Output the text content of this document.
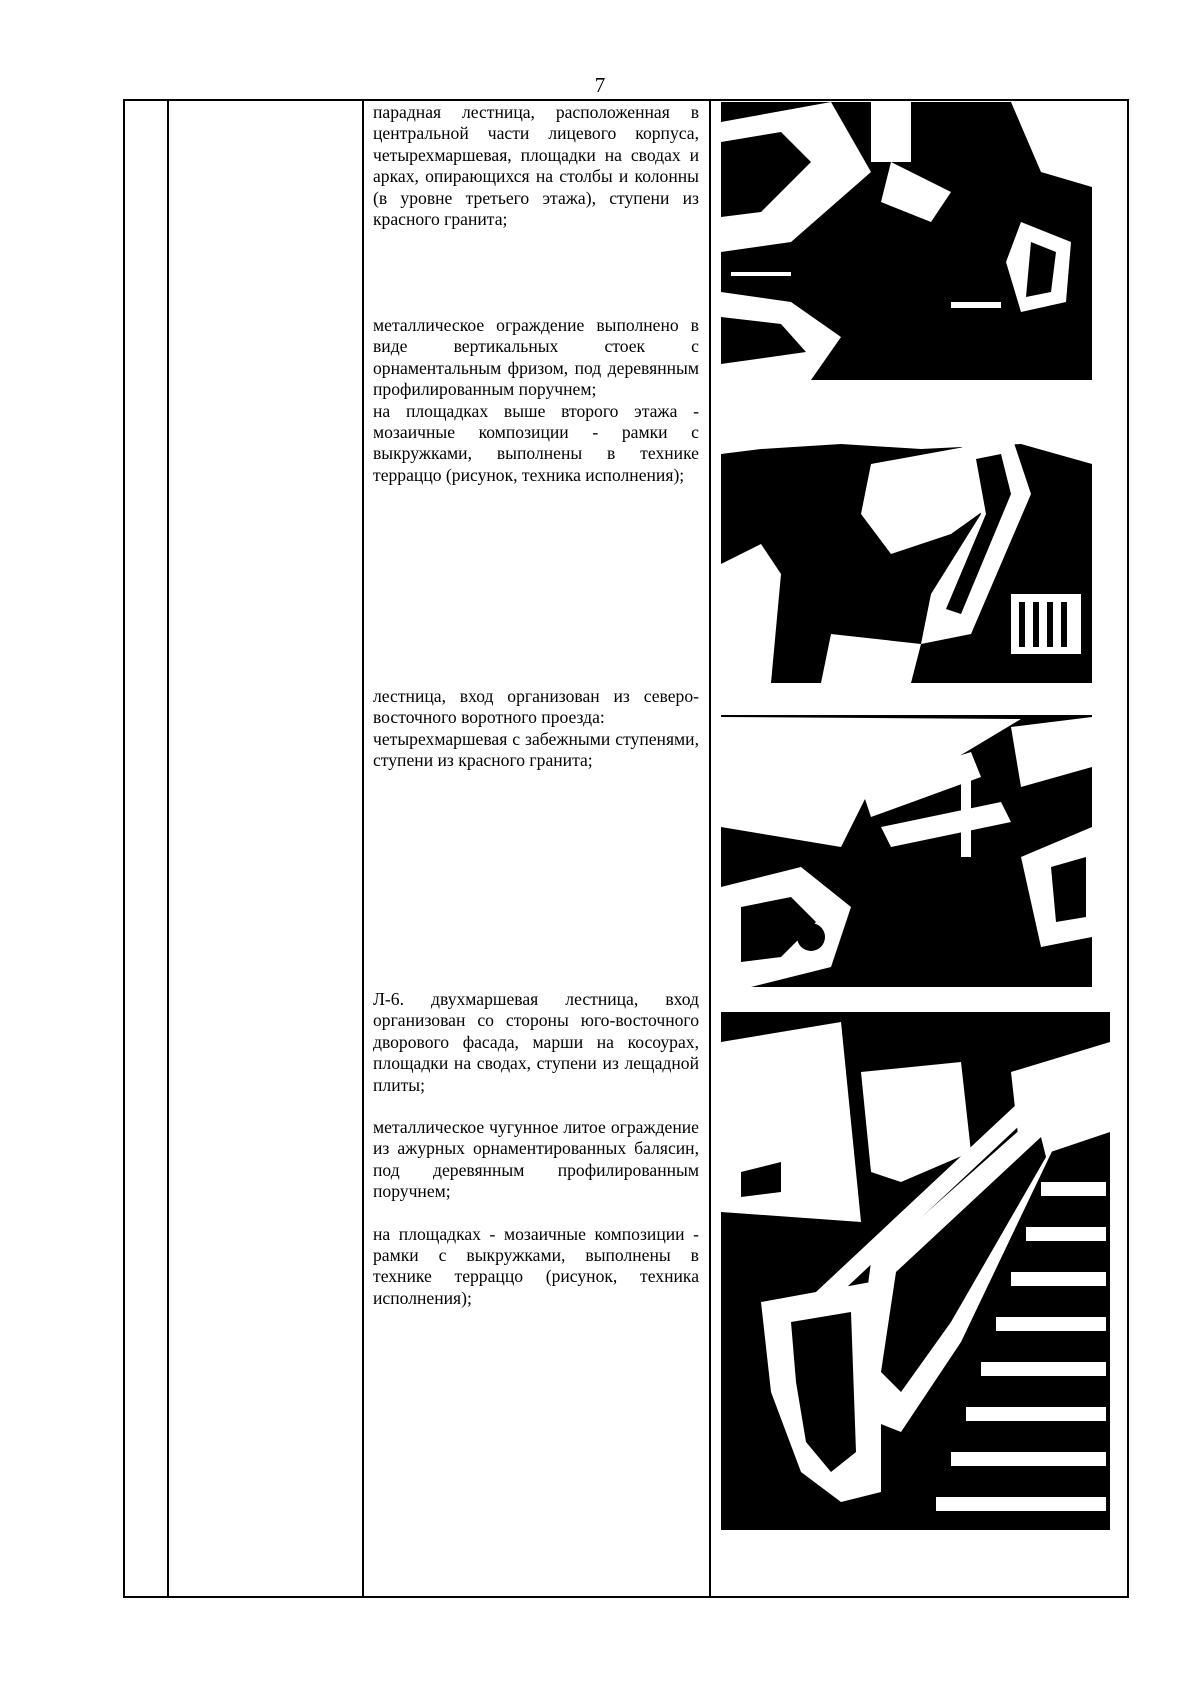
7

парадная лестница, расположенная в центральной части лицевого корпуса, четырехмаршевая, площадки на сводах и арках, опирающихся на столбы и колонны (в уровне третьего этажа), ступени из красного гранита;

металлическое ограждение выполнено в виде вертикальных стоек с орнаментальным фризом, под деревянным профилированным поручнем;

на площадках выше второго этажа - мозаичные композиции - рамки с выкружками, выполнены в технике терраццо (рисунок, техника исполнения);

лестница, вход организован из северо-восточного воротного проезда:

четырехмаршевая с забежными ступенями, ступени из красного гранита;

Л-6. двухмаршевая лестница, вход организован со стороны юго-восточного дворового фасада, марши на косоурах, площадки на сводах, ступени из лещадной плиты;

металлическое чугунное литое ограждение из ажурных орнаментированных балясин, под деревянным профилированным поручнем;

на площадках - мозаичные композиции - рамки с выкружками, выполнены в технике терраццо (рисунок, техника исполнения);
